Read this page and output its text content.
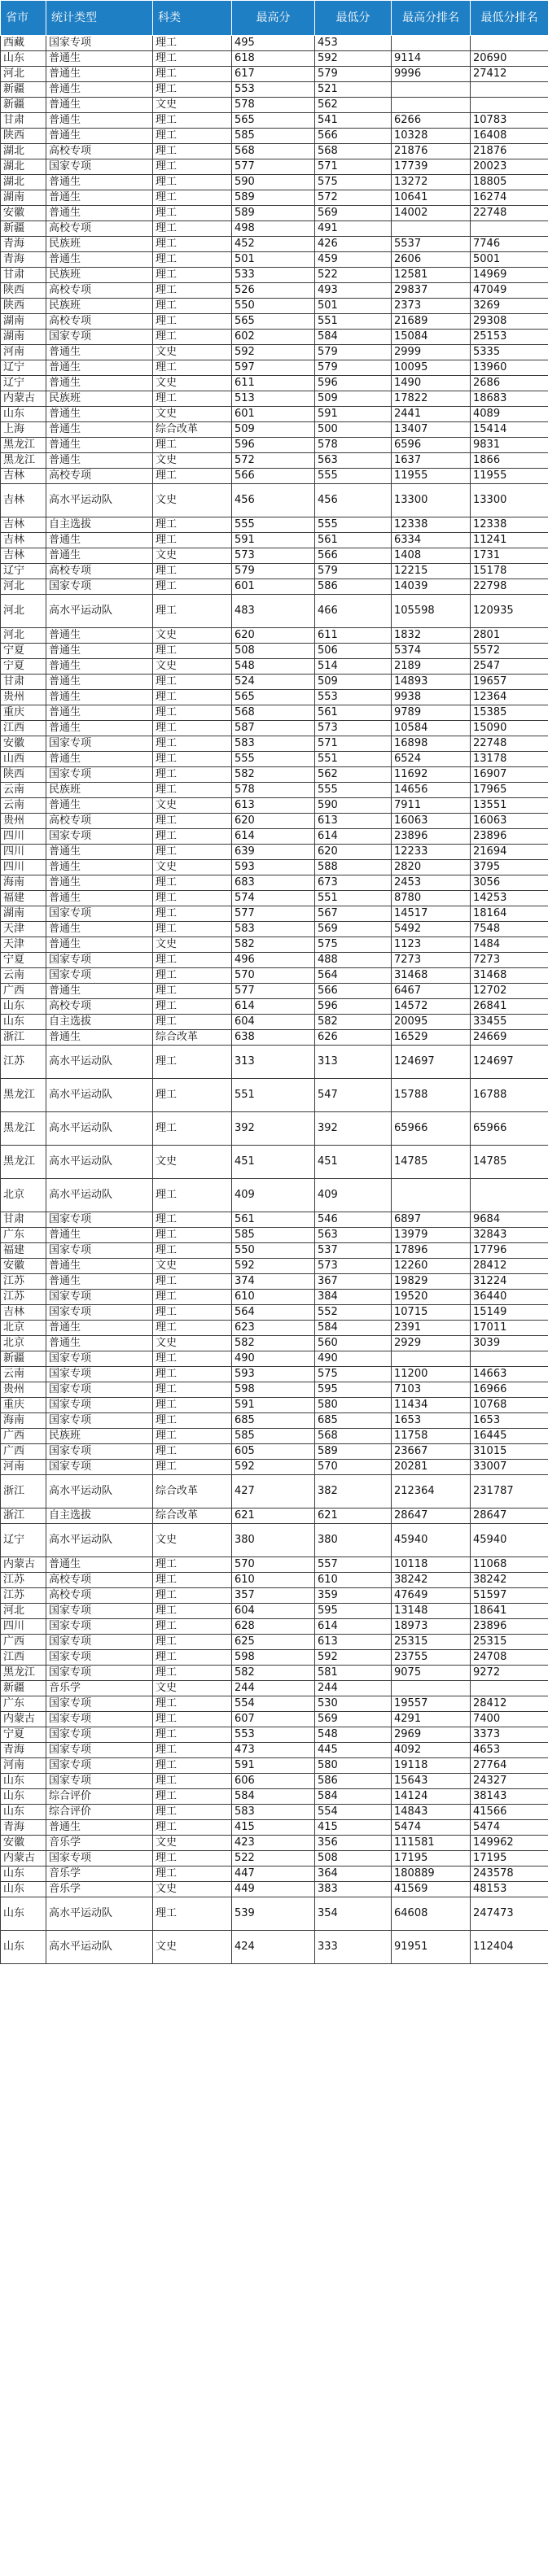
省市	统计类型	科类	最高分	最低分	最高分排名	最低分排名
西藏	国家专项	理工	495	453		
山东	普通生	理工	618	592	9114	20690
河北	普通生	理工	617	579	9996	27412
新疆	普通生	理工	553	521		
新疆	普通生	文史	578	562		
甘肃	普通生	理工	565	541	6266	10783
陕西	普通生	理工	585	566	10328	16408
湖北	高校专项	理工	568	568	21876	21876
湖北	国家专项	理工	577	571	17739	20023
湖北	普通生	理工	590	575	13272	18805
湖南	普通生	理工	589	572	10641	16274
安徽	普通生	理工	589	569	14002	22748
新疆	高校专项	理工	498	491		
青海	民族班	理工	452	426	5537	7746
青海	普通生	理工	501	459	2606	5001
甘肃	民族班	理工	533	522	12581	14969
陕西	高校专项	理工	526	493	29837	47049
陕西	民族班	理工	550	501	2373	3269
湖南	高校专项	理工	565	551	21689	29308
湖南	国家专项	理工	602	584	15084	25153
河南	普通生	文史	592	579	2999	5335
辽宁	普通生	理工	597	579	10095	13960
辽宁	普通生	文史	611	596	1490	2686
内蒙古	民族班	理工	513	509	17822	18683
山东	普通生	文史	601	591	2441	4089
上海	普通生	综合改革	509	500	13407	15414
黑龙江	普通生	理工	596	578	6596	9831
黑龙江	普通生	文史	572	563	1637	1866
吉林	高校专项	理工	566	555	11955	11955
吉林	高水平运动队	文史	456	456	13300	13300
吉林	自主选拔	理工	555	555	12338	12338
吉林	普通生	理工	591	561	6334	11241
吉林	普通生	文史	573	566	1408	1731
辽宁	高校专项	理工	579	579	12215	15178
河北	国家专项	理工	601	586	14039	22798
河北	高水平运动队	理工	483	466	105598	120935
河北	普通生	文史	620	611	1832	2801
宁夏	普通生	理工	508	506	5374	5572
宁夏	普通生	文史	548	514	2189	2547
甘肃	普通生	理工	524	509	14893	19657
贵州	普通生	理工	565	553	9938	12364
重庆	普通生	理工	568	561	9789	15385
江西	普通生	理工	587	573	10584	15090
安徽	国家专项	理工	583	571	16898	22748
山西	普通生	理工	555	551	6524	13178
陕西	国家专项	理工	582	562	11692	16907
云南	民族班	理工	578	555	14656	17965
云南	普通生	文史	613	590	7911	13551
贵州	高校专项	理工	620	613	16063	16063
四川	国家专项	理工	614	614	23896	23896
四川	普通生	理工	639	620	12233	21694
四川	普通生	文史	593	588	2820	3795
海南	普通生	理工	683	673	2453	3056
福建	普通生	理工	574	551	8780	14253
湖南	国家专项	理工	577	567	14517	18164
天津	普通生	理工	583	569	5492	7548
天津	普通生	文史	582	575	1123	1484
宁夏	国家专项	理工	496	488	7273	7273
云南	国家专项	理工	570	564	31468	31468
广西	普通生	理工	577	566	6467	12702
山东	高校专项	理工	614	596	14572	26841
山东	自主选拔	理工	604	582	20095	33455
浙江	普通生	综合改革	638	626	16529	24669
江苏	高水平运动队	理工	313	313	124697	124697
黑龙江	高水平运动队	理工	551	547	15788	16788
黑龙江	高水平运动队	理工	392	392	65966	65966
黑龙江	高水平运动队	文史	451	451	14785	14785
北京	高水平运动队	理工	409	409		
甘肃	国家专项	理工	561	546	6897	9684
广东	普通生	理工	585	563	13979	32843
福建	国家专项	理工	550	537	17896	17796
安徽	普通生	文史	592	573	12260	28412
江苏	普通生	理工	374	367	19829	31224
江苏	国家专项	理工	610	384	19520	36440
吉林	国家专项	理工	564	552	10715	15149
北京	普通生	理工	623	584	2391	17011
北京	普通生	文史	582	560	2929	3039
新疆	国家专项	理工	490	490		
云南	国家专项	理工	593	575	11200	14663
贵州	国家专项	理工	598	595	7103	16966
重庆	国家专项	理工	591	580	11434	10768
海南	国家专项	理工	685	685	1653	1653
广西	民族班	理工	585	568	11758	16445
广西	国家专项	理工	605	589	23667	31015
河南	国家专项	理工	592	570	20281	33007
浙江	高水平运动队	综合改革	427	382	212364	231787
浙江	自主选拔	综合改革	621	621	28647	28647
辽宁	高水平运动队	文史	380	380	45940	45940
内蒙古	普通生	理工	570	557	10118	11068
江苏	高校专项	理工	610	610	38242	38242
江苏	高校专项	理工	357	359	47649	51597
河北	国家专项	理工	604	595	13148	18641
四川	国家专项	理工	628	614	18973	23896
广西	国家专项	理工	625	613	25315	25315
江西	国家专项	理工	598	592	23755	24708
黑龙江	国家专项	理工	582	581	9075	9272
新疆	音乐学	文史	244	244		
广东	国家专项	理工	554	530	19557	28412
内蒙古	国家专项	理工	607	569	4291	7400
宁夏	国家专项	理工	553	548	2969	3373
青海	国家专项	理工	473	445	4092	4653
河南	国家专项	理工	591	580	19118	27764
山东	国家专项	理工	606	586	15643	24327
山东	综合评价	理工	584	584	14124	38143
山东	综合评价	理工	583	554	14843	41566
青海	普通生	理工	415	415	5474	5474
安徽	音乐学	文史	423	356	111581	149962
内蒙古	国家专项	理工	522	508	17195	17195
山东	音乐学	理工	447	364	180889	243578
山东	音乐学	文史	449	383	41569	48153
山东	高水平运动队	理工	539	354	64608	247473
山东	高水平运动队	文史	424	333	91951	112404
